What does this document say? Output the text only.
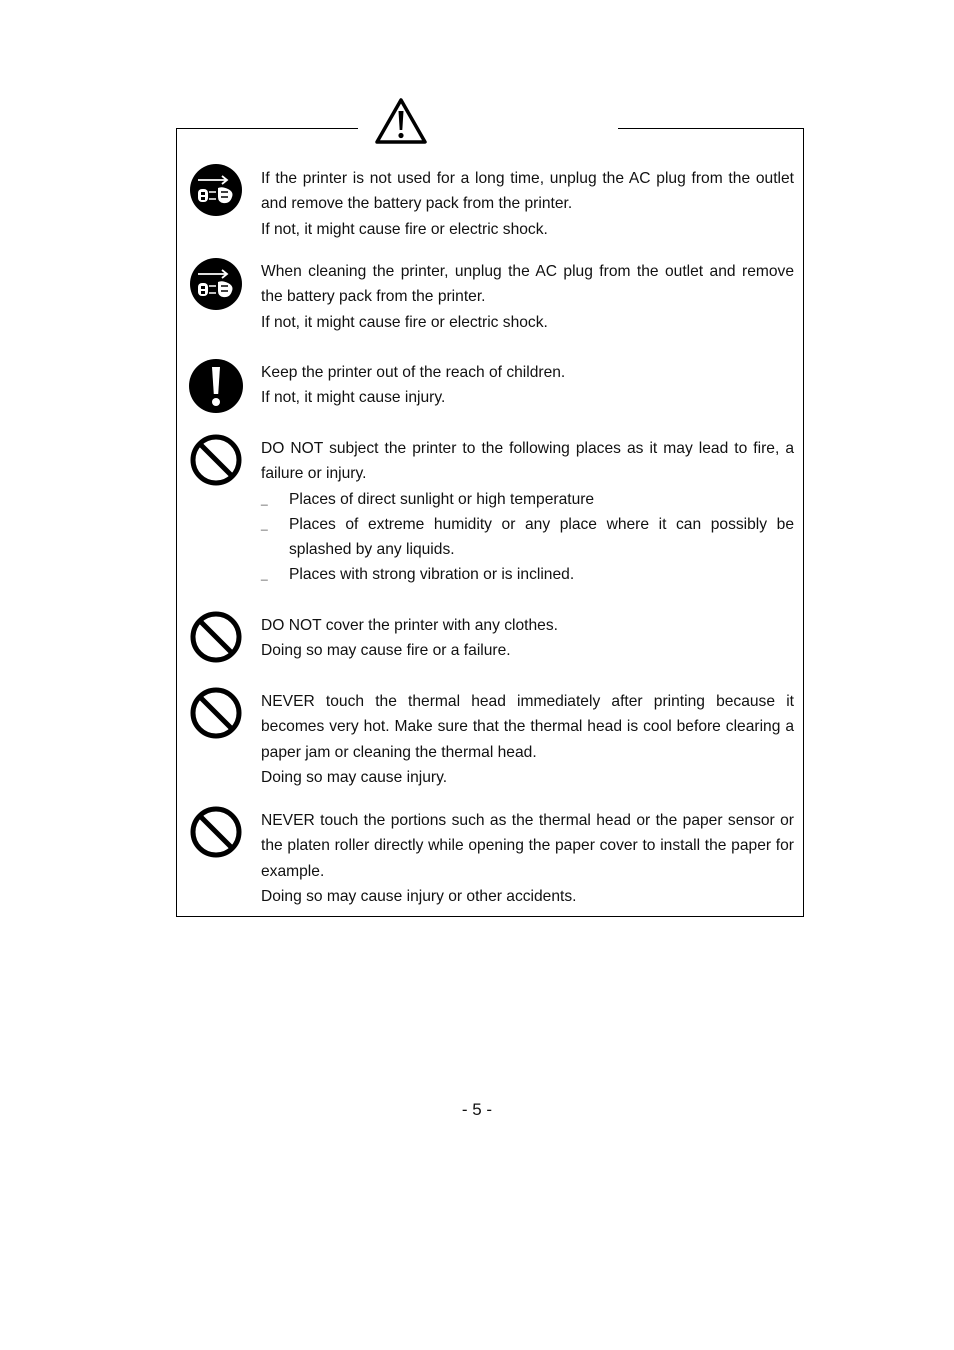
If the printer is not used for a long time, unplug the AC plug from the outlet and remove the battery pack from the printer.

If not, it might cause fire or electric shock.

When cleaning the printer, unplug the AC plug from the outlet and remove the battery pack from the printer.

If not, it might cause fire or electric shock.

Keep the printer out of the reach of children.

If not, it might cause injury.

DO NOT subject the printer to the following places as it may lead to fire, a failure or injury.

_ Places of direct sunlight or high temperature

_ Places of extreme humidity or any place where it can possibly be splashed by any liquids.

_ Places with strong vibration or is inclined.

DO NOT cover the printer with any clothes.

Doing so may cause fire or a failure.

NEVER touch the thermal head immediately after printing because it becomes very hot. Make sure that the thermal head is cool before clearing a paper jam or cleaning the thermal head.

Doing so may cause injury.

NEVER touch the portions such as the thermal head or the paper sensor or the platen roller directly while opening the paper cover to install the paper for example.

Doing so may cause injury or other accidents.

- 5 -
